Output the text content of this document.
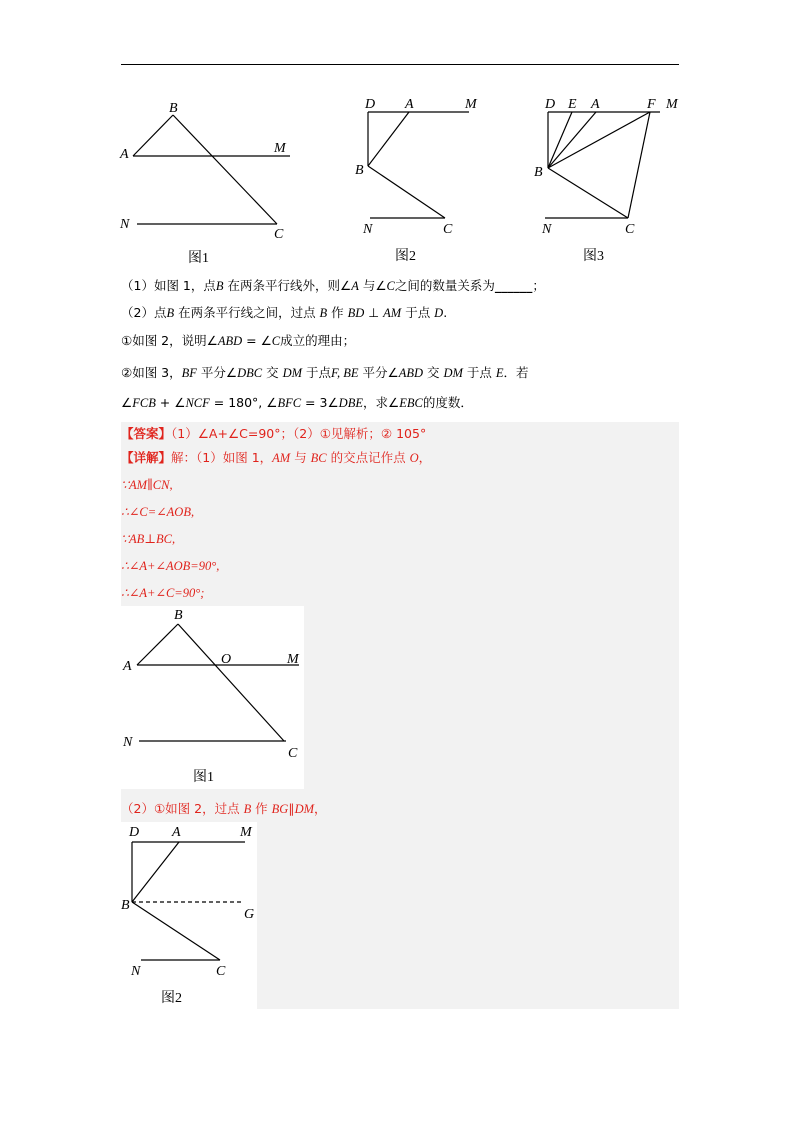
B
A	M
N
C
图1
D A	M
B
N	C
图2
D E A	F M
B
N	C
图3
（1）如图 1，点B 在两条平行线外，则∠A 与∠C之间的数量关系为______；
（2）点B 在两条平行线之间，过点 B 作 BD ⊥ AM 于点 D.
①如图 2，说明∠ABD = ∠C成立的理由；
②如图 3，BF 平分∠DBC 交 DM 于点F, BE 平分∠ABD 交 DM 于点 E．若
∠FCB + ∠NCF = 180°, ∠BFC = 3∠DBE，求∠EBC的度数．
【答案】（1）∠A+∠C=90°；（2）①见解析；② 105°
【详解】解：（1）如图 1，AM 与 BC 的交点记作点 O，
∵AM∥CN,
∴∠C=∠AOB,
∵AB⊥BC,
∴∠A+∠AOB=90°,
∴∠A+∠C=90°;
B
A	O	M
N
C
图1
（2）①如图 2，过点 B 作 BG∥DM，
D A	M
B
G
N	C
图2
